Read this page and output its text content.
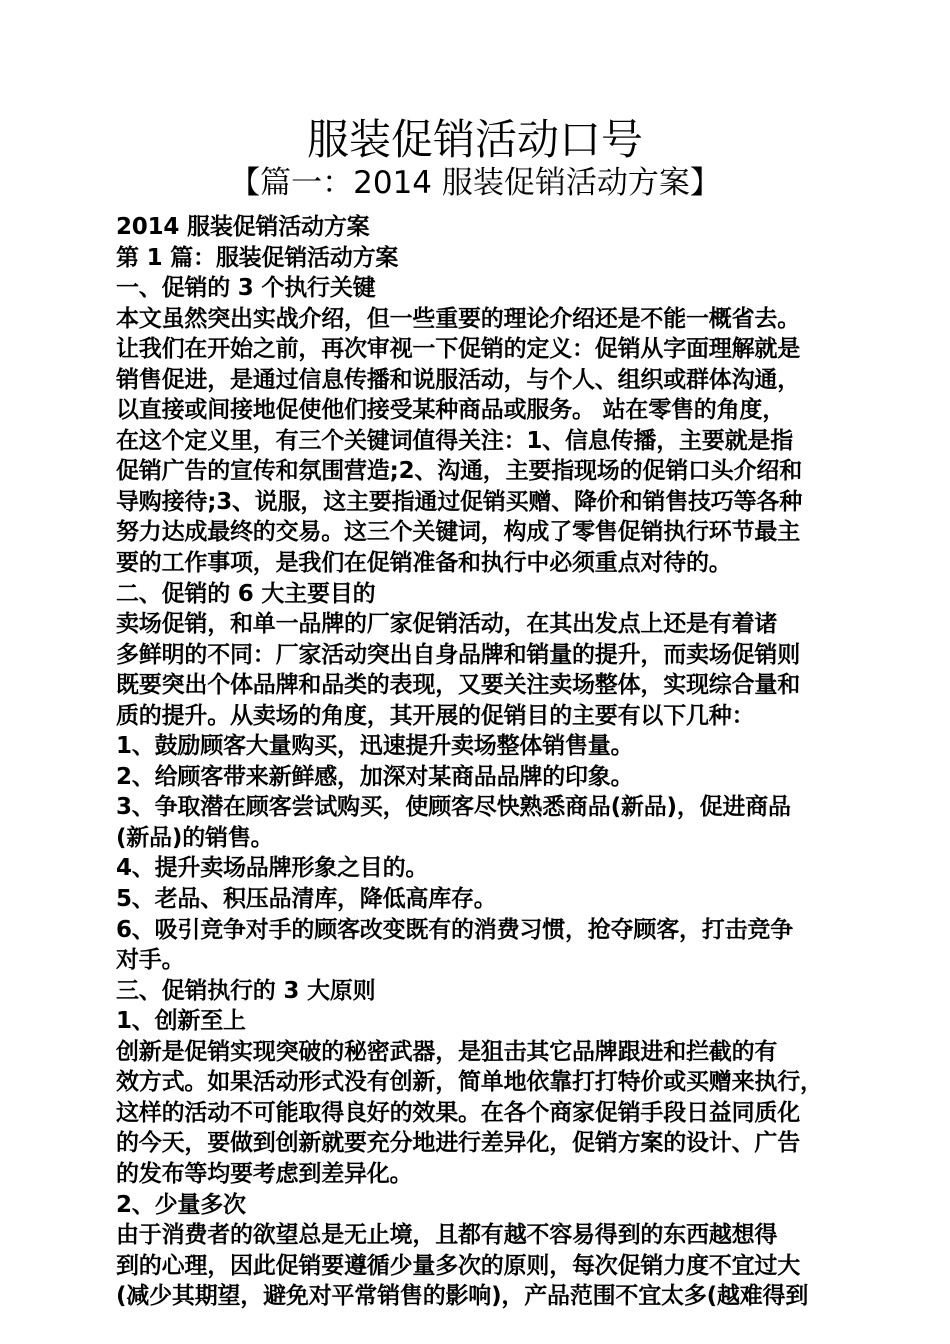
服装促销活动口号
【篇一：2014 服装促销活动方案】
2014 服装促销活动方案
第 1 篇：服装促销活动方案
一、促销的 3 个执行关键
本文虽然突出实战介绍，但一些重要的理论介绍还是不能一概省去。
让我们在开始之前，再次审视一下促销的定义：促销从字面理解就是
销售促进，是通过信息传播和说服活动，与个人、组织或群体沟通，
以直接或间接地促使他们接受某种商品或服务。 站在零售的角度，
在这个定义里，有三个关键词值得关注：1、信息传播，主要就是指
促销广告的宣传和氛围营造;2、沟通，主要指现场的促销口头介绍和
导购接待;3、说服，这主要指通过促销买赠、降价和销售技巧等各种
努力达成最终的交易。这三个关键词，构成了零售促销执行环节最主
要的工作事项，是我们在促销准备和执行中必须重点对待的。
二、促销的 6 大主要目的
卖场促销，和单一品牌的厂家促销活动，在其出发点上还是有着诸
多鲜明的不同：厂家活动突出自身品牌和销量的提升，而卖场促销则
既要突出个体品牌和品类的表现，又要关注卖场整体，实现综合量和
质的提升。从卖场的角度，其开展的促销目的主要有以下几种：
1、鼓励顾客大量购买，迅速提升卖场整体销售量。
2、给顾客带来新鲜感，加深对某商品品牌的印象。
3、争取潜在顾客尝试购买，使顾客尽快熟悉商品(新品)，促进商品
(新品)的销售。
4、提升卖场品牌形象之目的。
5、老品、积压品清库，降低高库存。
6、吸引竞争对手的顾客改变既有的消费习惯，抢夺顾客，打击竞争
对手。
三、促销执行的 3 大原则
1、创新至上
创新是促销实现突破的秘密武器，是狙击其它品牌跟进和拦截的有
效方式。如果活动形式没有创新，简单地依靠打打特价或买赠来执行，
这样的活动不可能取得良好的效果。在各个商家促销手段日益同质化
的今天，要做到创新就要充分地进行差异化，促销方案的设计、广告
的发布等均要考虑到差异化。
2、少量多次
由于消费者的欲望总是无止境，且都有越不容易得到的东西越想得
到的心理，因此促销要遵循少量多次的原则，每次促销力度不宜过大
(减少其期望，避免对平常销售的影响)，产品范围不宜太多(越难得到
